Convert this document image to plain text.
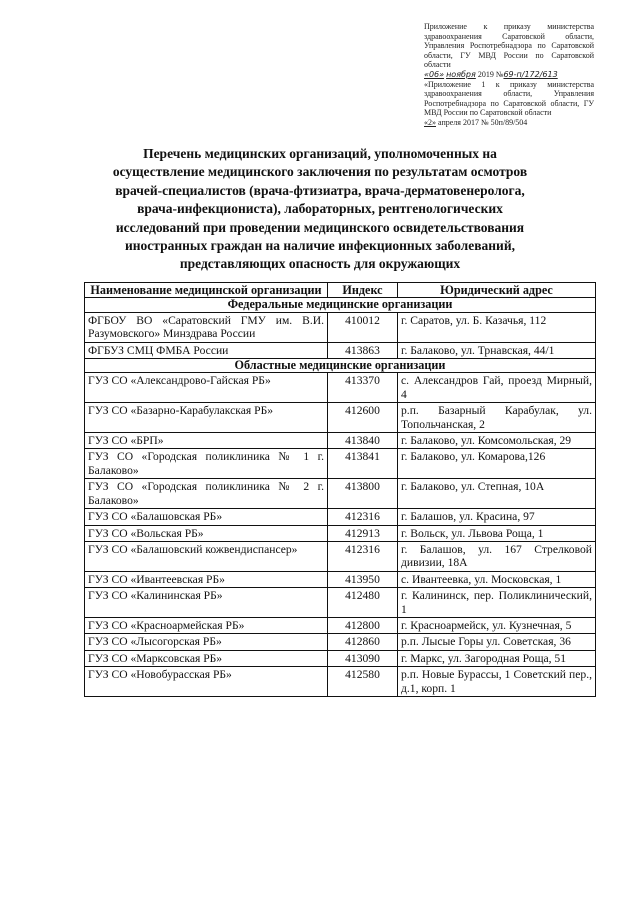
Приложение к приказу министерства здравоохранения Саратовской области, Управления Роспотребнадзора по Саратовской области, ГУ МВД России по Саратовской области

«06» ноября 2019 №69-п/172/613

«Приложение 1 к приказу министерства здравоохранения области, Управления Роспотребнадзора по Саратовской области, ГУ МВД России по Саратовской области

«2» апреля 2017 № 50п/89/504

Перечень медицинских организаций, уполномоченных на

осуществление медицинского заключения по результатам осмотров

врачей-специалистов (врача-фтизиатра, врача-дерматовенеролога,

врача-инфекциониста), лабораторных, рентгенологических

исследований при проведении медицинского освидетельствования

иностранных граждан на наличие инфекционных заболеваний,

представляющих опасность для окружающих

Наименование медицинской организации	Индекс	Юридический адрес
Федеральные медицинские организации		
ФГБОУ ВО «Саратовский ГМУ им. В.И. Разумовского» Минздрава России	410012	г. Саратов, ул. Б. Казачья, 112
ФГБУЗ СМЦ ФМБА России	413863	г. Балаково, ул. Трнавская, 44/1
Областные медицинские организации		
ГУЗ СО «Александрово-Гайская РБ»	413370	с. Александров Гай, проезд Мирный, 4
ГУЗ СО «Базарно-Карабулакская РБ»	412600	р.п. Базарный Карабулак, ул. Топольчанская, 2
ГУЗ СО «БРП»	413840	г. Балаково, ул. Комсомольская, 29
ГУЗ СО «Городская поликлиника № 1 г. Балаково»	413841	г. Балаково, ул. Комарова,126
ГУЗ СО «Городская поликлиника № 2 г. Балаково»	413800	г. Балаково, ул. Степная, 10А
ГУЗ СО «Балашовская РБ»	412316	г. Балашов, ул. Красина, 97
ГУЗ СО «Вольская РБ»	412913	г. Вольск, ул. Львова Роща, 1
ГУЗ СО «Балашовский кожвендиспансер»	412316	г. Балашов, ул. 167 Стрелковой дивизии, 18А
ГУЗ СО «Ивантеевская РБ»	413950	с. Ивантеевка, ул. Московская, 1
ГУЗ СО «Калининская РБ»	412480	г. Калининск, пер. Поликлинический, 1
ГУЗ СО «Красноармейская РБ»	412800	г. Красноармейск, ул. Кузнечная, 5
ГУЗ СО «Лысогорская РБ»	412860	р.п. Лысые Горы ул. Советская, 36
ГУЗ СО «Марксовская РБ»	413090	г. Маркс, ул. Загородная Роща, 51
ГУЗ СО «Новобурасская РБ»	412580	р.п. Новые Бурассы, 1 Советский пер., д.1, корп. 1
